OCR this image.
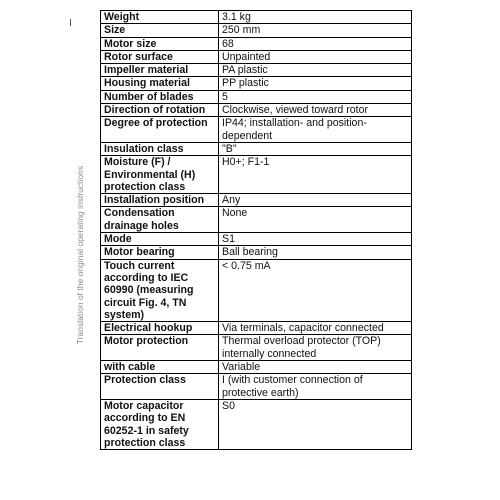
Translation of the original operating instructions
Weight	3.1 kg
Size	250 mm
Motor size	68
Rotor surface	Unpainted
Impeller material	PA plastic
Housing material	PP plastic
Number of blades	5
Direction of rotation	Clockwise, viewed toward rotor
Degree of protection	IP44; installation- and position-dependent
Insulation class	"B"
Moisture (F) / Environmental (H) protection class	H0+; F1-1
Installation position	Any
Condensation drainage holes	None
Mode	S1
Motor bearing	Ball bearing
Touch current according to IEC 60990 (measuring circuit Fig. 4, TN system)	< 0.75 mA
Electrical hookup	Via terminals, capacitor connected
Motor protection	Thermal overload protector (TOP) internally connected
with cable	Variable
Protection class	I (with customer connection of protective earth)
Motor capacitor according to EN 60252-1 in safety protection class	S0
